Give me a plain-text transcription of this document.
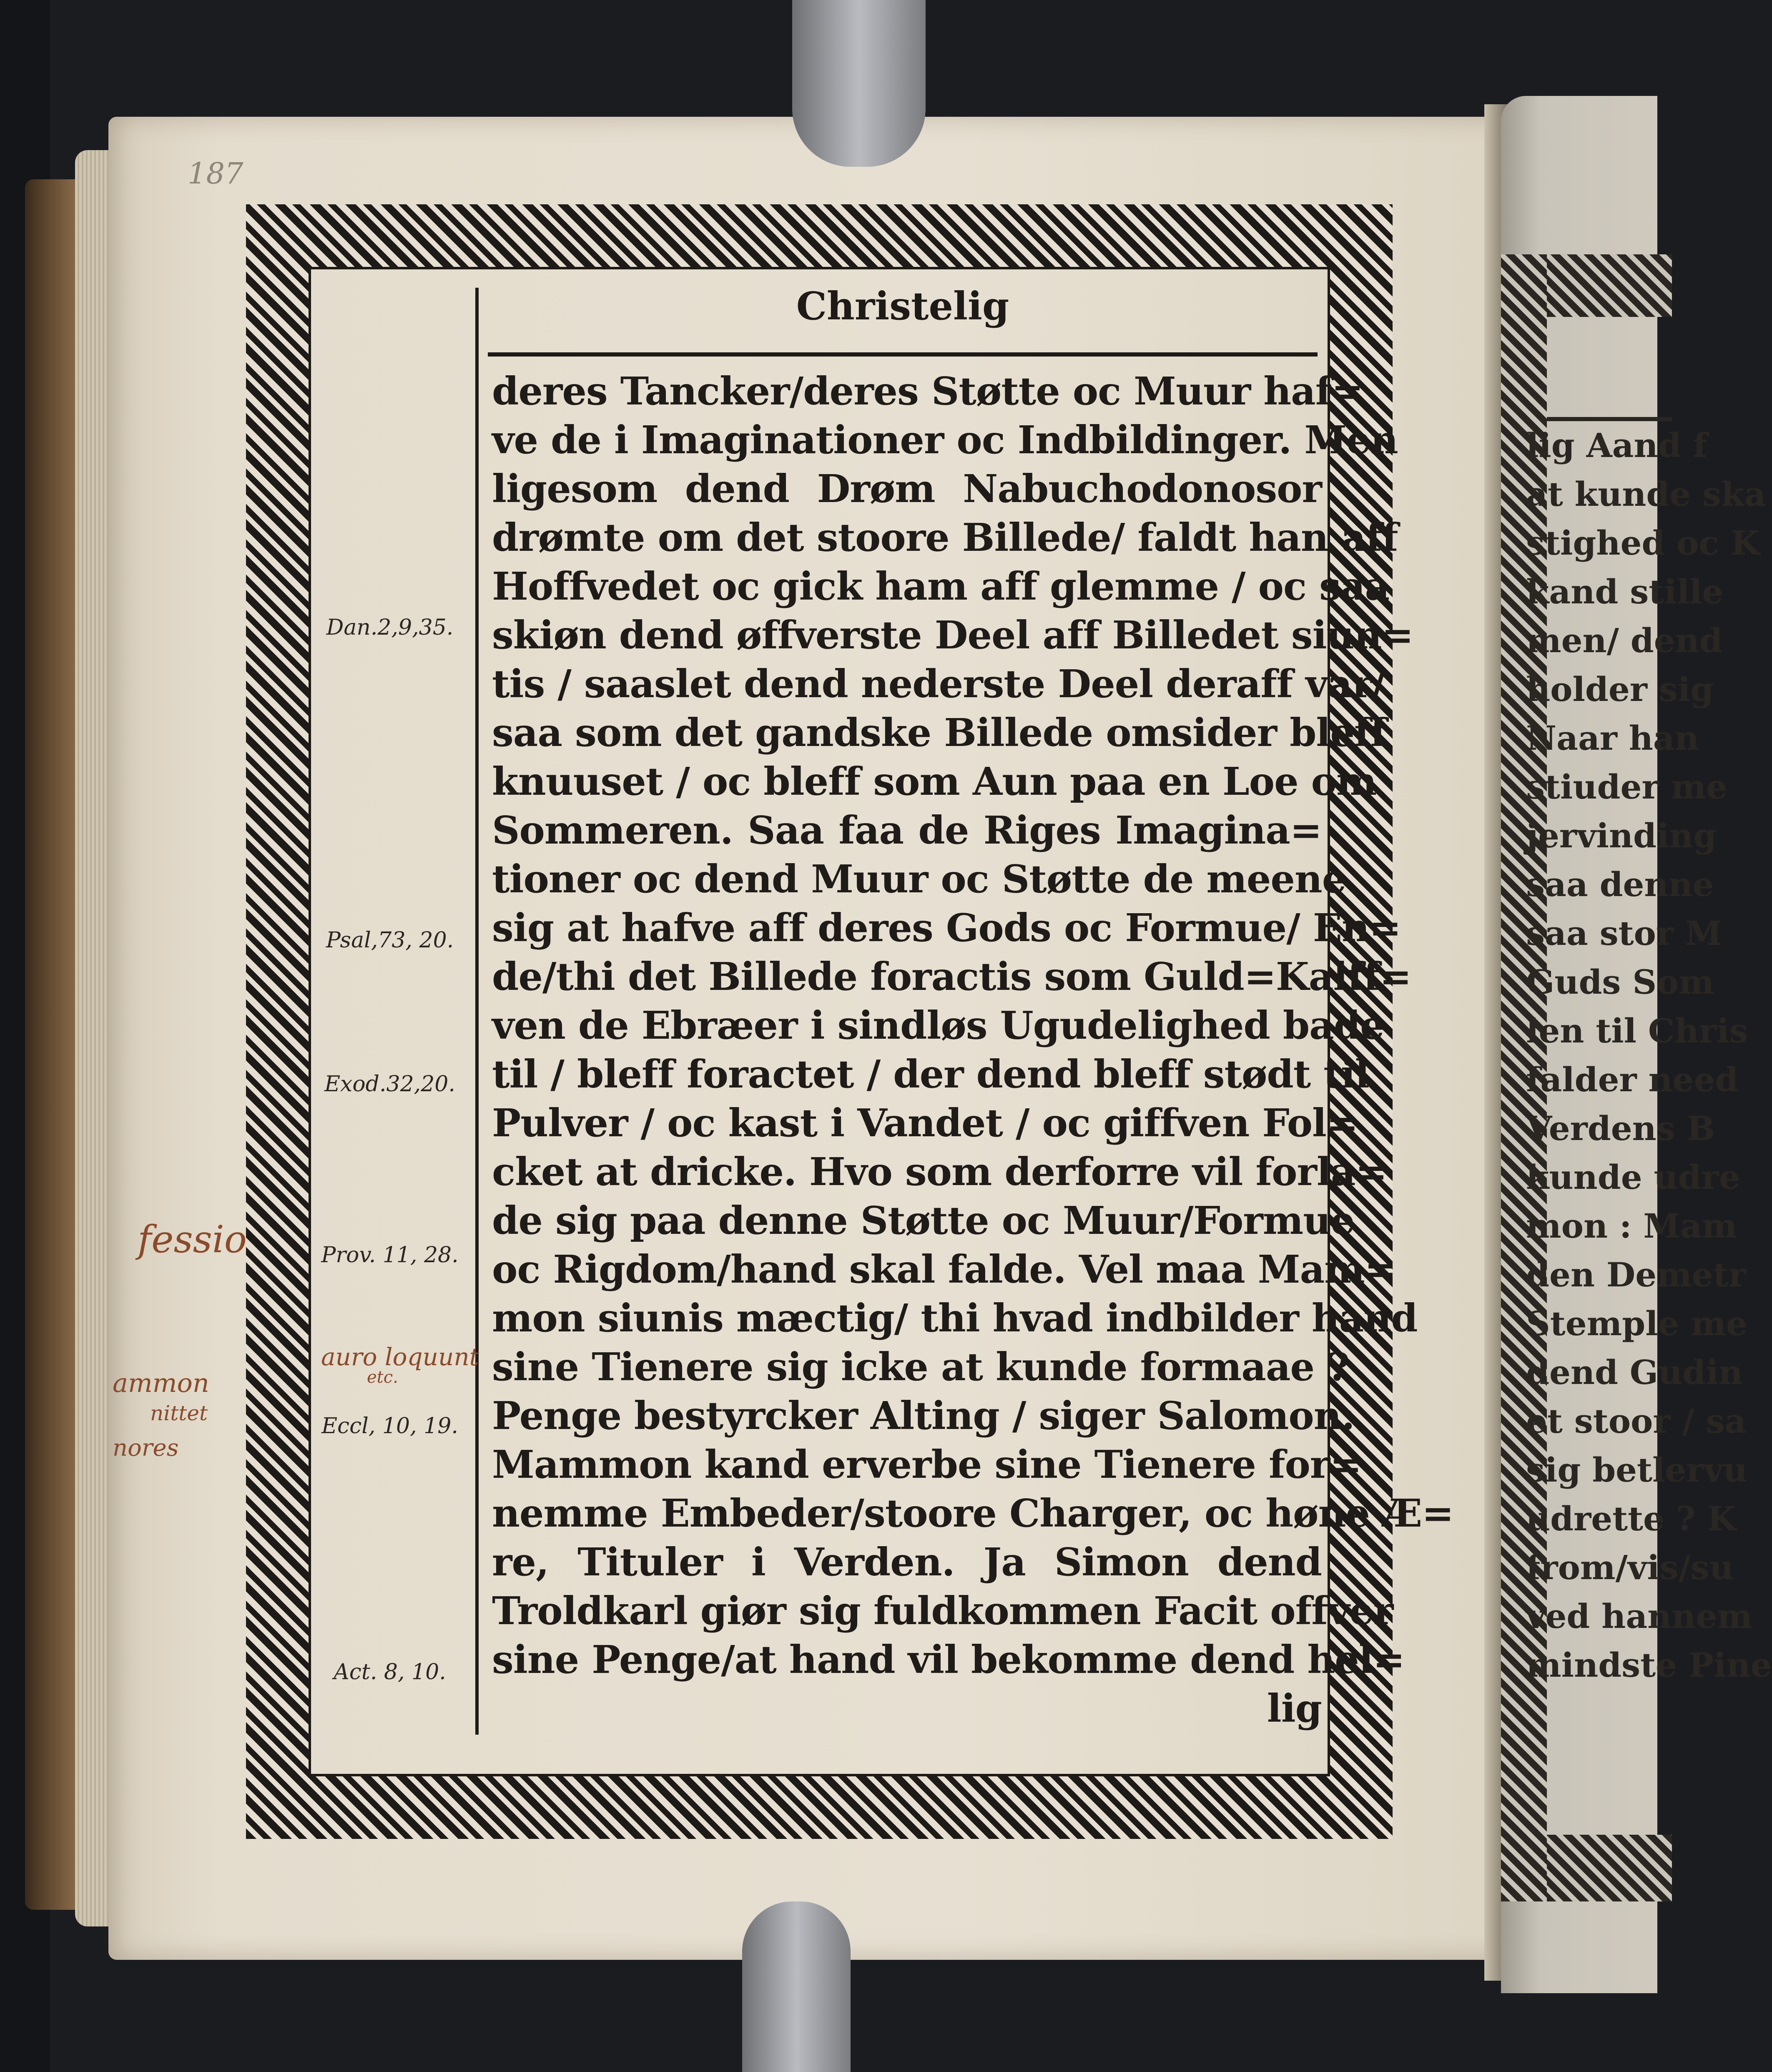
lig Aand f
at kunde ska
stighed oc K
kand stille
men/ dend
holder sig
Naar han
stiuder me
jervinding
saa denne
saa stor M
Guds Som
len til Chris
falder need
Verdens B
kunde udre
mon : Mam
den Demetr
Stemple me
dend Gudin
et stoor / sa
sig betlervu
udrette ? K
from/vis/su
ved hannem
mindste Pine
187
Christelig
deres Tancker/deres Støtte oc Muur haf=
ve de i Imaginationer oc Indbildinger. Men
ligesom dend Drøm Nabuchodonosor
drømte om det stoore Billede/ faldt han aff
Hoffvedet oc gick ham aff glemme / oc saa
skiøn dend øffverste Deel aff Billedet siun=
tis / saaslet dend nederste Deel deraff var/
saa som det gandske Billede omsider bleff
knuuset / oc bleff som Aun paa en Loe om
Sommeren. Saa faa de Riges Imagina=
tioner oc dend Muur oc Støtte de meene
sig at hafve aff deres Gods oc Formue/ En=
de/thi det Billede foractis som Guld=Kalff=
ven de Ebræer i sindløs Ugudelighed bade
til / bleff foractet / der dend bleff stødt til
Pulver / oc kast i Vandet / oc giffven Fol=
cket at dricke. Hvo som derforre vil forla=
de sig paa denne Støtte oc Muur/Formue
oc Rigdom/hand skal falde. Vel maa Mam=
mon siunis mæctig/ thi hvad indbilder hand
sine Tienere sig icke at kunde formaae ?
Penge bestyrcker Alting / siger Salomon:
Mammon kand erverbe sine Tienere for=
nemme Embeder/stoore Charger, oc høne Æ=
re, Tituler i Verden. Ja Simon dend
Troldkarl giør sig fuldkommen Facit offver
sine Penge/at hand vil bekomme dend hel=
lig
Dan.2,9,35.
Psal,73, 20.
Exod.32,20.
Prov. 11, 28.
Eccl, 10, 19.
Act. 8, 10.
fessio
auro loquunt
etc.
ammon
nittet
nores
